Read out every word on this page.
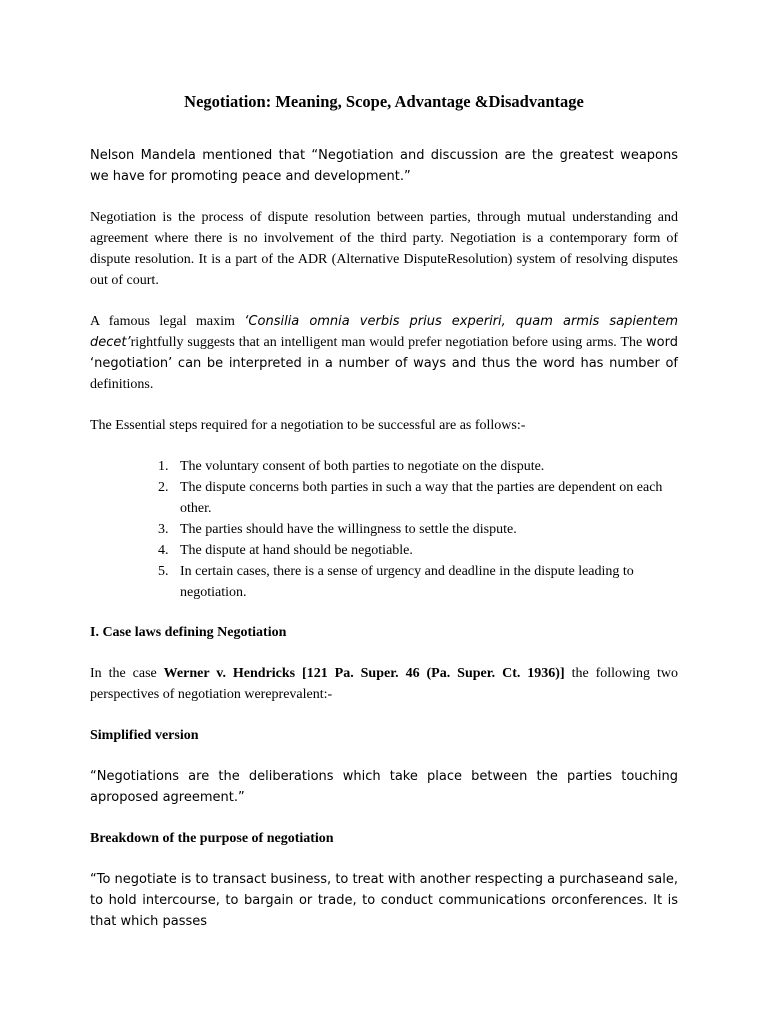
Negotiation: Meaning, Scope, Advantage &Disadvantage
Nelson Mandela mentioned that “Negotiation and discussion are the greatest weapons we have for promoting peace and development.”
Negotiation is the process of dispute resolution between parties, through mutual understanding and agreement where there is no involvement of the third party. Negotiation is a contemporary form of dispute resolution. It is a part of the ADR (Alternative DisputeResolution) system of resolving disputes out of court.
A famous legal maxim ‘Consilia omnia verbis prius experiri, quam armis sapientem decet’rightfully suggests that an intelligent man would prefer negotiation before using arms. The word ‘negotiation’ can be interpreted in a number of ways and thus the word has number of definitions.
The Essential steps required for a negotiation to be successful are as follows:-
1. The voluntary consent of both parties to negotiate on the dispute.
2. The dispute concerns both parties in such a way that the parties are dependent on each other.
3. The parties should have the willingness to settle the dispute.
4. The dispute at hand should be negotiable.
5. In certain cases, there is a sense of urgency and deadline in the dispute leading to negotiation.
I. Case laws defining Negotiation
In the case Werner v. Hendricks [121 Pa. Super. 46 (Pa. Super. Ct. 1936)] the following two perspectives of negotiation wereprevalent:-
Simplified version
“Negotiations are the deliberations which take place between the parties touching aproposed agreement.”
Breakdown of the purpose of negotiation
“To negotiate is to transact business, to treat with another respecting a purchaseand sale, to hold intercourse, to bargain or trade, to conduct communications orconferences. It is that which passes
